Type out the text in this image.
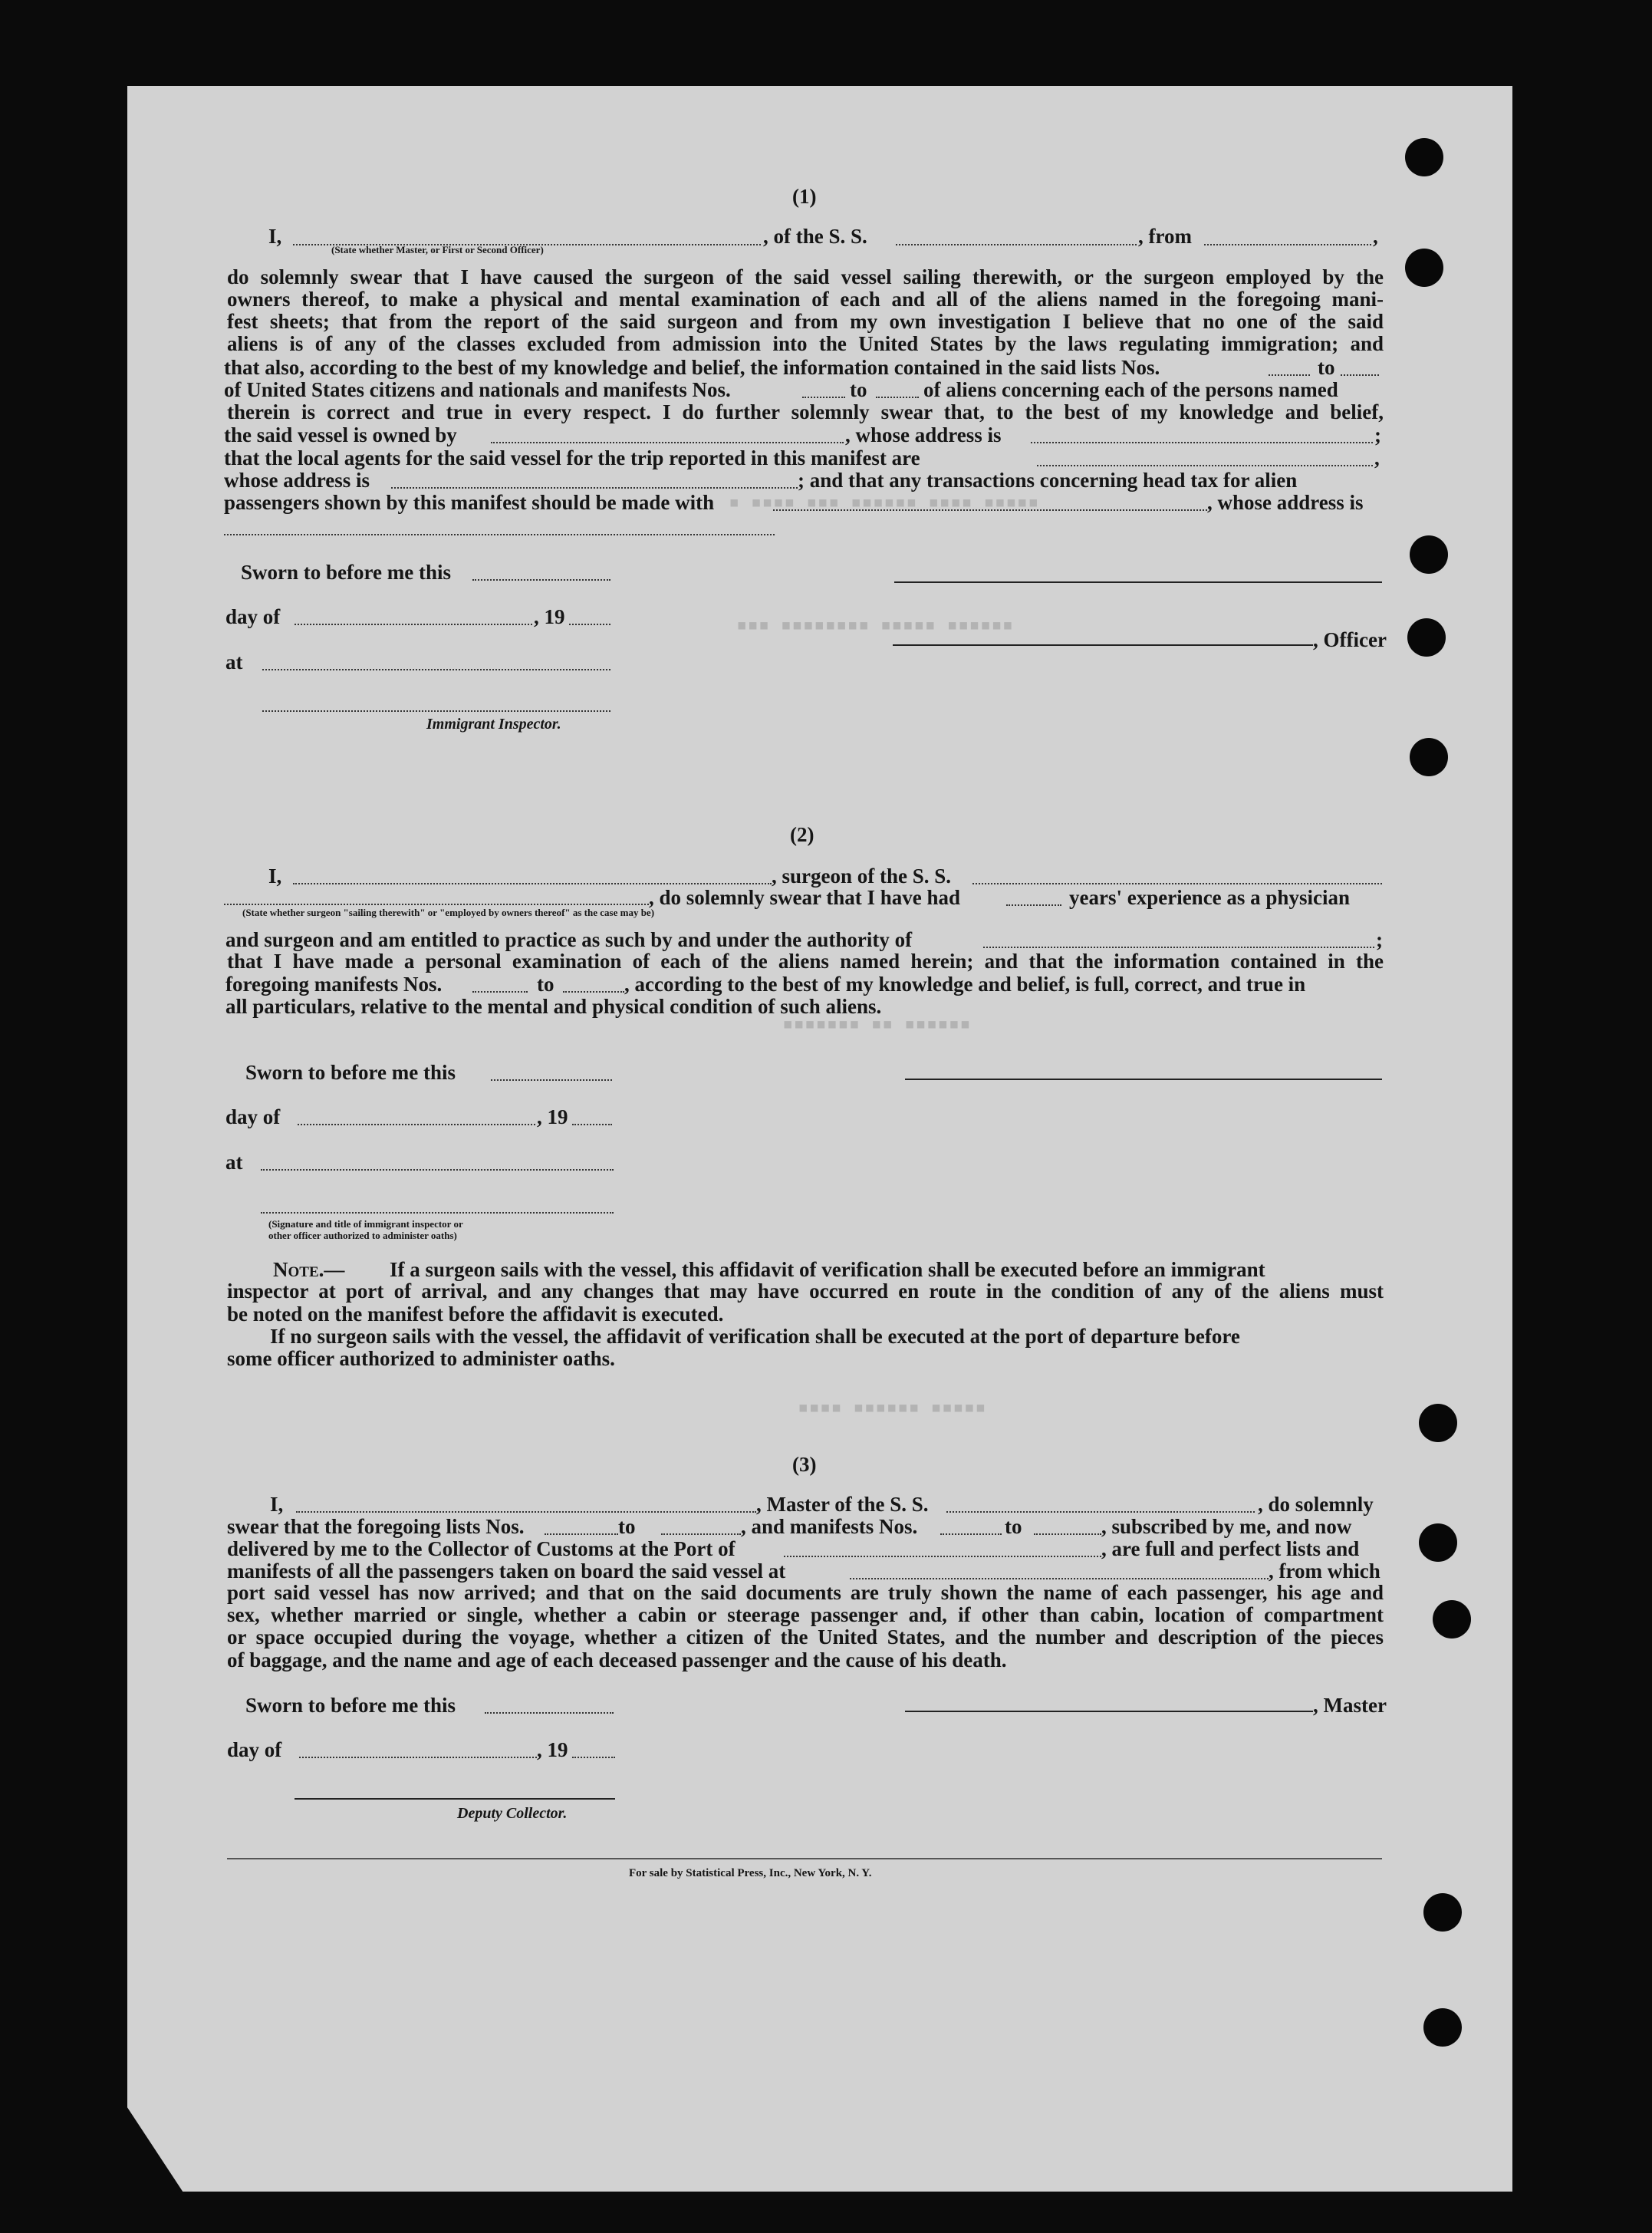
▪ ▪▪▪▪ ▪▪▪ ▪▪▪▪▪▪ ▪▪▪▪ ▪▪▪▪▪
▪▪▪ ▪▪▪▪▪▪▪▪ ▪▪▪▪▪ ▪▪▪▪▪▪
▪▪▪▪▪▪▪ ▪▪ ▪▪▪▪▪▪
▪▪▪▪ ▪▪▪▪▪▪ ▪▪▪▪▪
(1)
I,
(State whether Master, or First or Second Officer)
, of the S. S.	, from	,
do solemnly swear that I have caused the surgeon of the said vessel sailing therewith, or the surgeon employed by the
owners thereof, to make a physical and mental examination of each and all of the aliens named in the foregoing mani-
fest sheets; that from the report of the said surgeon and from my own investigation I believe that no one of the said
aliens is of any of the classes excluded from admission into the United States by the laws regulating immigration; and
that also, according to the best of my knowledge and belief, the information contained in the said lists Nos.	to
of United States citizens and nationals and manifests Nos.	to	of aliens concerning each of the persons named
therein is correct and true in every respect. I do further solemnly swear that, to the best of my knowledge and belief,
the said vessel is owned by	, whose address is	;
that the local agents for the said vessel for the trip reported in this manifest are	,
whose address is	; and that any transactions concerning head tax for alien
passengers shown by this manifest should be made with	, whose address is
Sworn to before me this
day of	, 19
, Officer
at
Immigrant Inspector.
(2)
I,	, surgeon of the S. S.
(State whether surgeon "sailing therewith" or "employed by owners thereof" as the case may be)
, do solemnly swear that I have had	years' experience as a physician
and surgeon and am entitled to practice as such by and under the authority of	;
that I have made a personal examination of each of the aliens named herein; and that the information contained in the
foregoing manifests Nos.	to	, according to the best of my knowledge and belief, is full, correct, and true in
all particulars, relative to the mental and physical condition of such aliens.
Sworn to before me this
day of	, 19
at
(Signature and title of immigrant inspector or
other officer authorized to administer oaths)
Note.— If a surgeon sails with the vessel, this affidavit of verification shall be executed before an immigrant
inspector at port of arrival, and any changes that may have occurred en route in the condition of any of the aliens must
be noted on the manifest before the affidavit is executed.
If no surgeon sails with the vessel, the affidavit of verification shall be executed at the port of departure before
some officer authorized to administer oaths.
(3)
I,	, Master of the S. S.	, do solemnly
swear that the foregoing lists Nos.	to	, and manifests Nos.	to	, subscribed by me, and now
delivered by me to the Collector of Customs at the Port of	, are full and perfect lists and
manifests of all the passengers taken on board the said vessel at	, from which
port said vessel has now arrived; and that on the said documents are truly shown the name of each passenger, his age and
sex, whether married or single, whether a cabin or steerage passenger and, if other than cabin, location of compartment
or space occupied during the voyage, whether a citizen of the United States, and the number and description of the pieces
of baggage, and the name and age of each deceased passenger and the cause of his death.
Sworn to before me this	, Master
day of	, 19
Deputy Collector.
For sale by Statistical Press, Inc., New York, N. Y.
